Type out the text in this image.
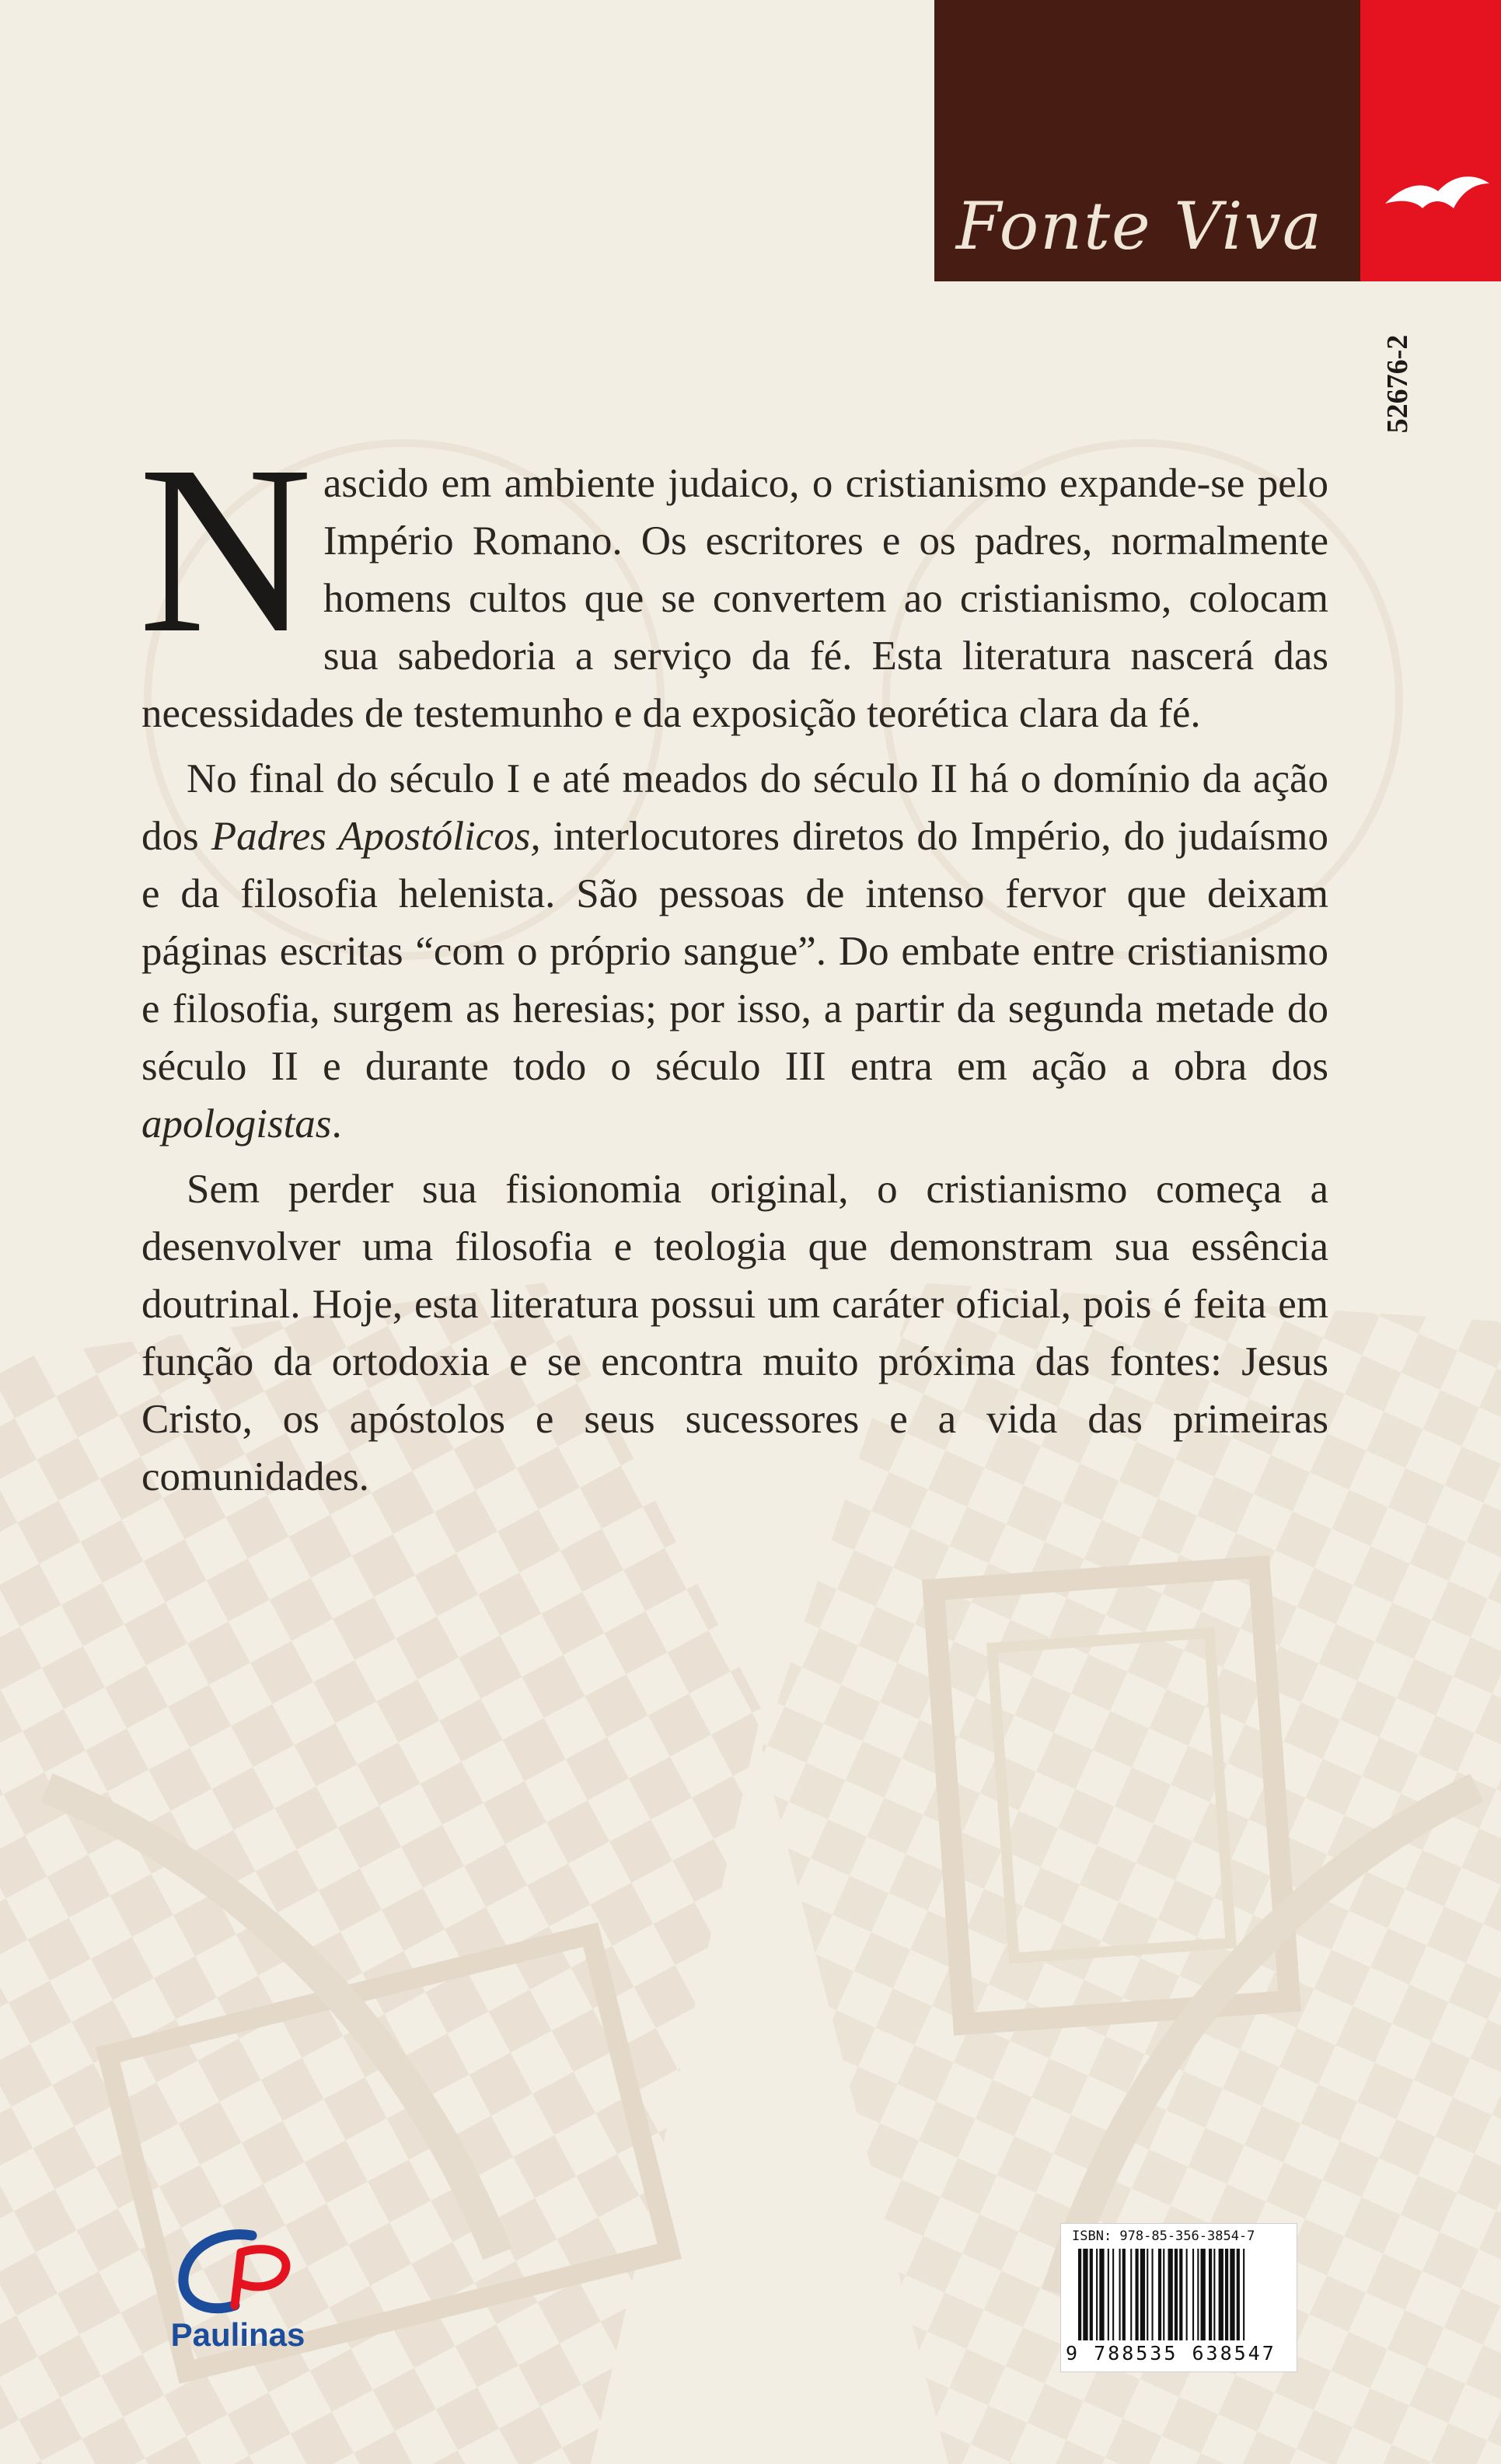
Fonte Viva
52676-2

Nascido em ambiente judaico, o cristianismo expande-se pelo Império Romano. Os escritores e os padres, normalmente homens cultos que se convertem ao cristianismo, colocam sua sabedoria a serviço da fé. Esta literatura nascerá das necessidades de testemunho e da exposição teorética clara da fé.

No final do século I e até meados do século II há o domínio da ação dos Padres Apostólicos, interlocutores diretos do Império, do judaísmo e da filosofia helenista. São pessoas de intenso fervor que deixam páginas escritas “com o próprio sangue”. Do embate entre cristianismo e filosofia, surgem as heresias; por isso, a partir da segunda metade do século II e durante todo o século III entra em ação a obra dos apologistas.

Sem perder sua fisionomia original, o cristianismo começa a desenvolver uma filosofia e teologia que demonstram sua essência doutrinal. Hoje, esta literatura possui um caráter oficial, pois é feita em função da ortodoxia e se encontra muito próxima das fontes: Jesus Cristo, os apóstolos e seus sucessores e a vida das primeiras comunidades.

Paulinas
ISBN: 978-85-356-3854-7
9 788535 638547
